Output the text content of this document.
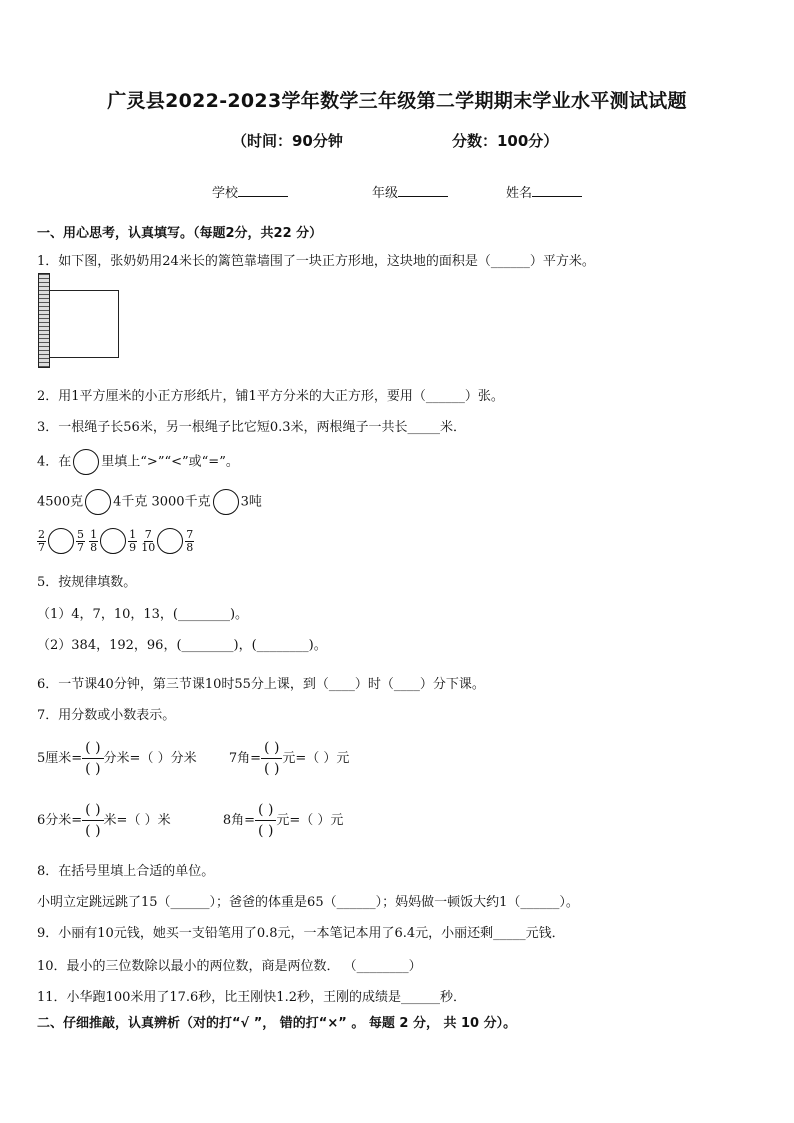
广灵县2022-2023学年数学三年级第二学期期末学业水平测试试题
（时间：90分钟	分数：100分）
学校	年级	姓名
一、用心思考，认真填写。（每题2分，共22 分）
1．如下图，张奶奶用24米长的篱笆靠墙围了一块正方形地，这块地的面积是（______）平方米。
2．用1平方厘米的小正方形纸片，铺1平方分米的大正方形，要用（______）张。
3．一根绳子长56米，另一根绳子比它短0.3米，两根绳子一共长_____米．
4．在 里填上“>”“<”或“=”。
4500克 4千克 3000千克 3吨
$\frac{2}{7}$	$\frac{5}{7}$
$\frac{1}{8}$	$\frac{1}{9}$
$\frac{7}{10}$	$\frac{7}{8}$
5．按规律填数。
（1）4，7，10，13，(________)。
（2）384，192，96，(________)，(________)。
6．一节课40分钟，第三节课10时55分上课，到（____）时（____）分下课。
7．用分数或小数表示。
5厘米=
( )
( )
分米=（ ）分米 7角=
( )
( )
元=（ ）元
6分米=
( )
( )
米=（ ）米	8角=
( )
( )
元=（ ）元
8．在括号里填上合适的单位。
小明立定跳远跳了15（______）；爸爸的体重是65（______）；妈妈做一顿饭大约1（______）。
9．小丽有10元钱，她买一支铅笔用了0.8元，一本笔记本用了6.4元，小丽还剩_____元钱．
10．最小的三位数除以最小的两位数，商是两位数． （________）
11．小华跑100米用了17.6秒，比王刚快1.2秒，王刚的成绩是______秒．
二、仔细推敲，认真辨析（对的打“√ ”， 错的打“×” 。 每题 2 分， 共 10 分）。
